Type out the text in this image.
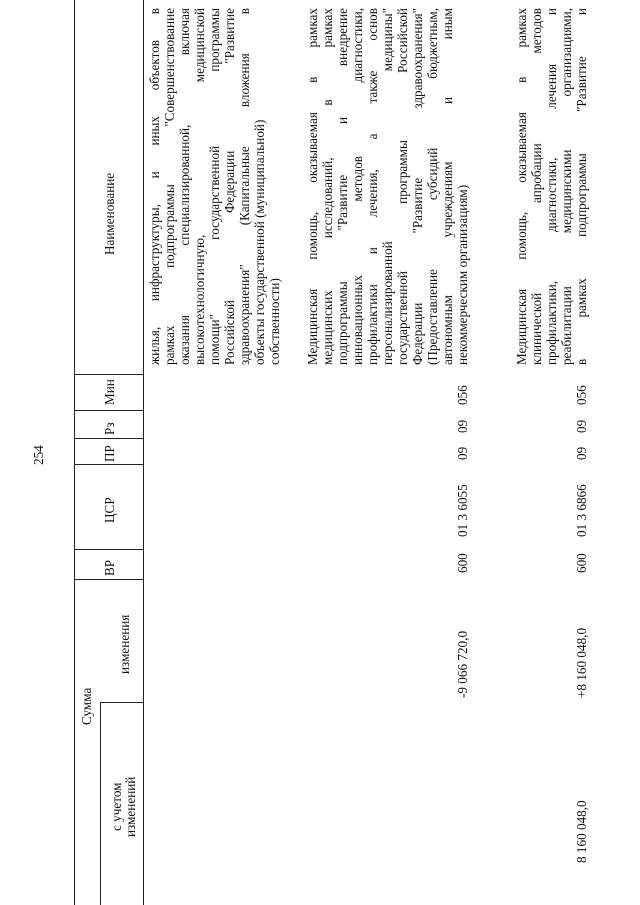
254
Наименование
Мин
Рз
ПР
ЦСР
ВР
Сумма
изменения
с учетом изменений
жилья, инфраструктуры, и иных объектов в рамках подпрограммы "Совершенствование оказания специализированной, включая высокотехнологичную, медицинской помощи" государственной программы Российской Федерации "Развитие здравоохранения" (Капитальные вложения в объекты государственной (муниципальной) собственности) Медицинская помощь, оказываемая в рамках медицинских исследований, в рамках подпрограммы "Развитие и внедрение инновационных методов диагностики, профилактики и лечения, а также основ персонализированной медицины" государственной программы Российской Федерации "Развитие здравоохранения" (Предоставление субсидий бюджетным, автономным учреждениям и иным некоммерческим организациям)
056
09
09
01 3 6055
600
-9 066 720,0
Медицинская помощь, оказываемая в рамках клинической апробации методов профилактики, диагностики, лечения и реабилитации медицинскими организациями, в рамках подпрограммы "Развитие и
056
09
09
01 3 6866
600
+8 160 048,0
8 160 048,0
